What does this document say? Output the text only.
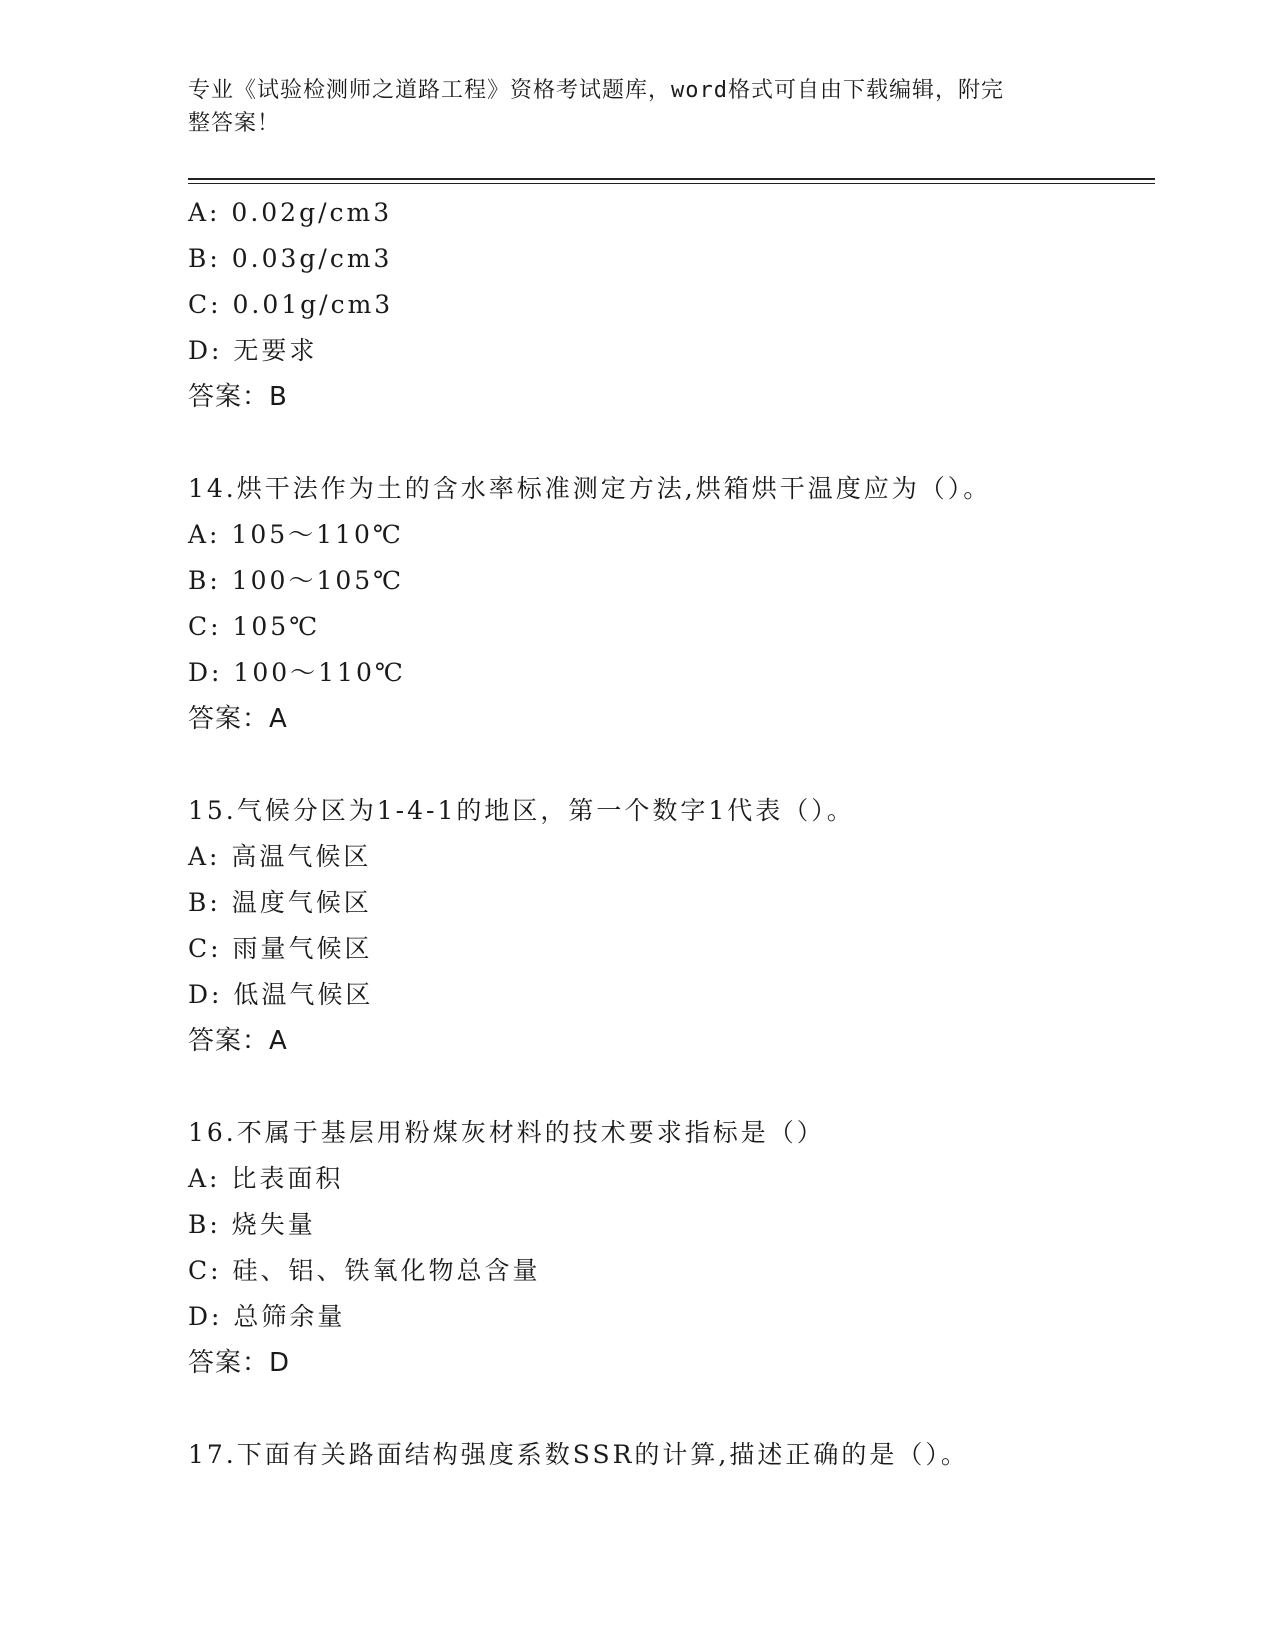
专业《试验检测师之道路工程》资格考试题库，word格式可自由下载编辑，附完
整答案！
A: 0.02g/cm3
B: 0.03g/cm3
C: 0.01g/cm3
D: 无要求
答案：B
14.烘干法作为土的含水率标准测定方法,烘箱烘干温度应为（）。
A: 105～110℃
B: 100～105℃
C: 105℃
D: 100～110℃
答案：A
15.气候分区为1-4-1的地区，第一个数字1代表（）。
A: 高温气候区
B: 温度气候区
C: 雨量气候区
D: 低温气候区
答案：A
16.不属于基层用粉煤灰材料的技术要求指标是（）
A: 比表面积
B: 烧失量
C: 硅、铝、铁氧化物总含量
D: 总筛余量
答案：D
17.下面有关路面结构强度系数SSR的计算,描述正确的是（）。
